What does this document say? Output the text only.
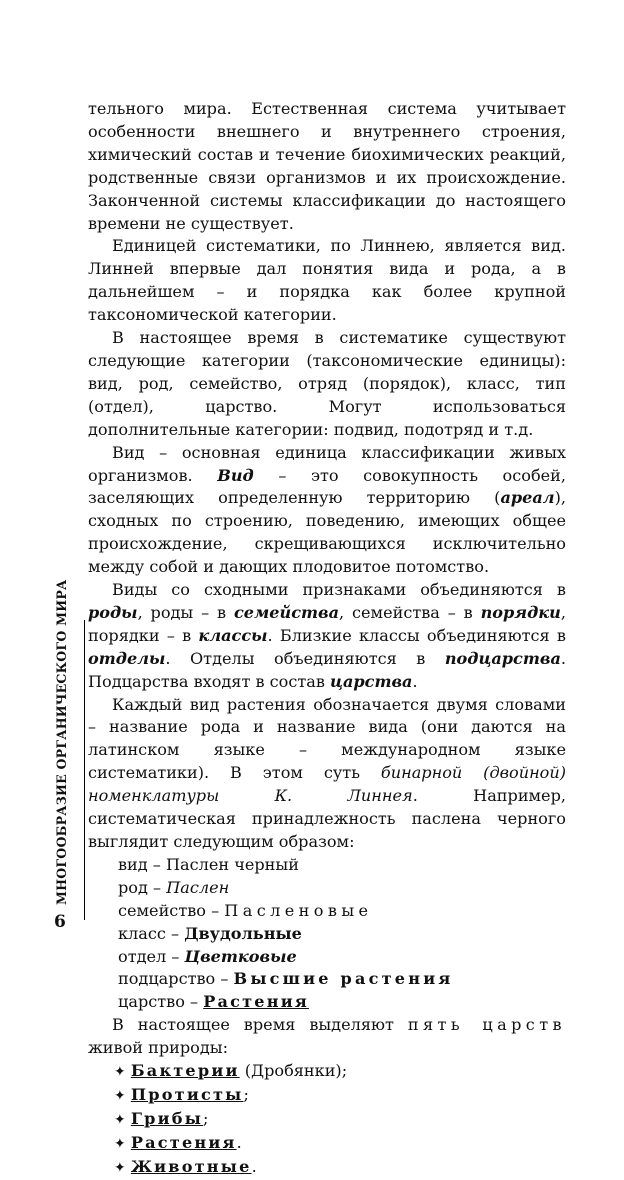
МНОГООБРАЗИЕ ОРГАНИЧЕСКОГО МИРА
6

тельного мира. Естественная система учитывает особенности внешнего и внутреннего строения, химический состав и течение биохимических реакций, родственные связи организмов и их происхождение. Законченной системы классификации до настоящего времени не существует.

Единицей систематики, по Линнею, является вид. Линней впервые дал понятия вида и рода, а в дальнейшем – и порядка как более крупной таксономической категории.

В настоящее время в систематике существуют следующие категории (таксономические единицы): вид, род, семейство, отряд (порядок), класс, тип (отдел), царство. Могут использоваться дополнительные категории: подвид, подотряд и т.д.

Вид – основная единица классификации живых организмов. Вид – это совокупность особей, заселяющих определенную территорию (ареал), сходных по строению, поведению, имеющих общее происхождение, скрещивающихся исключительно между собой и дающих плодовитое потомство.

Виды со сходными признаками объединяются в роды, роды – в семейства, семейства – в порядки, порядки – в классы. Близкие классы объединяются в отделы. Отделы объединяются в подцарства. Подцарства входят в состав царства.

Каждый вид растения обозначается двумя словами – название рода и название вида (они даются на латинском языке – международном языке систематики). В этом суть бинарной (двойной) номенклатуры К. Линнея. Например, систематическая принадлежность паслена черного выглядит следующим образом:

вид – Паслен черный

род – Паслен

семейство – Пасленовые

класс – Двудольные

отдел – Цветковые

подцарство – Высшие растения

царство – Растения

В настоящее время выделяют пять царств живой природы:

✦ Бактерии (Дробянки);

✦ Протисты;

✦ Грибы;

✦ Растения.

✦ Животные.
